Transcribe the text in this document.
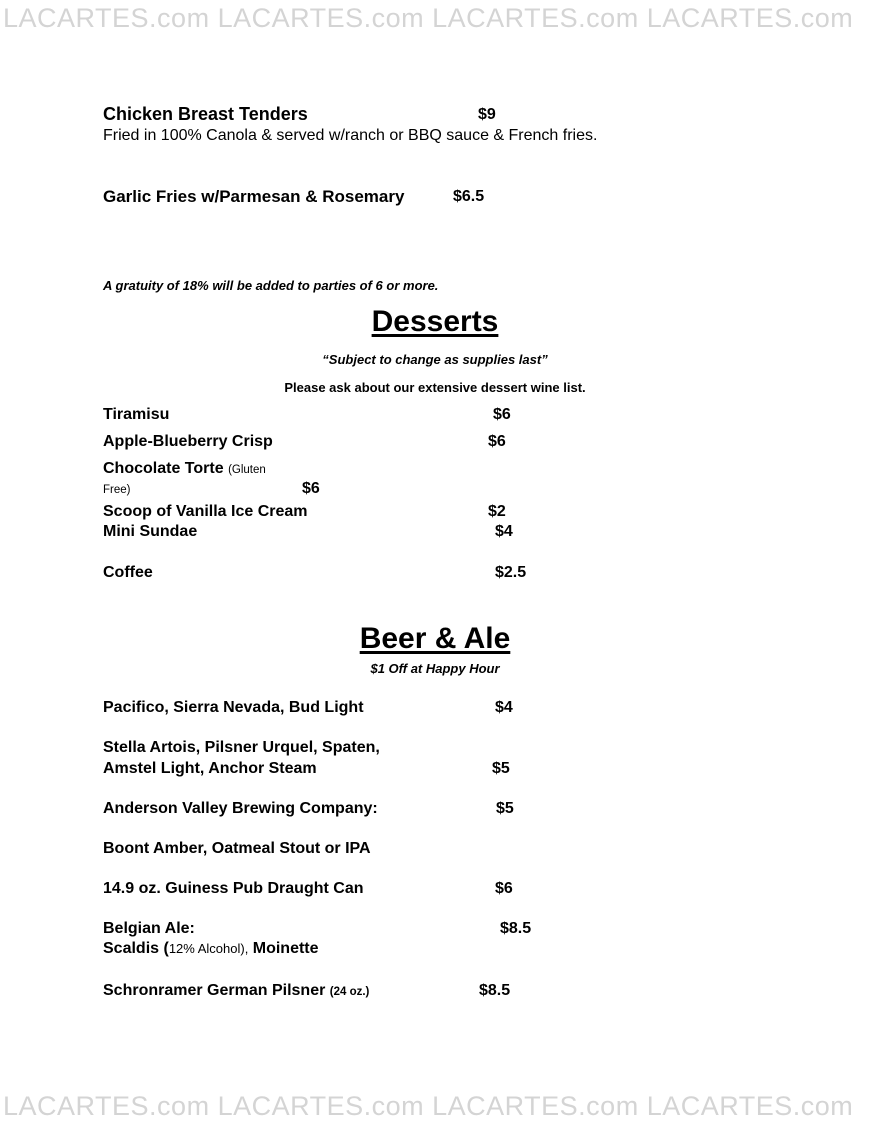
LACARTES.com LACARTES.com LACARTES.com LACARTES.com
LACARTES.com LACARTES.com LACARTES.com LACARTES.com
Chicken Breast Tenders	$9
Fried in 100% Canola & served w/ranch or BBQ sauce & French fries.
Garlic Fries w/Parmesan & Rosemary	$6.5
A gratuity of 18% will be added to parties of 6 or more.
Desserts
“Subject to change as supplies last”
Please ask about our extensive dessert wine list.
Tiramisu	$6
Apple-Blueberry Crisp	$6
Chocolate Torte (Gluten
Free)	$6
Scoop of Vanilla Ice Cream	$2
Mini Sundae	$4
Coffee	$2.5
Beer & Ale
$1 Off at Happy Hour
Pacifico, Sierra Nevada, Bud Light	$4
Stella Artois, Pilsner Urquel, Spaten,
Amstel Light, Anchor Steam	$5
Anderson Valley Brewing Company:	$5
Boont Amber, Oatmeal Stout or IPA
14.9 oz. Guiness Pub Draught Can	$6
Belgian Ale:	$8.5
Scaldis (12% Alcohol), Moinette
Schronramer German Pilsner (24 oz.)	$8.5
